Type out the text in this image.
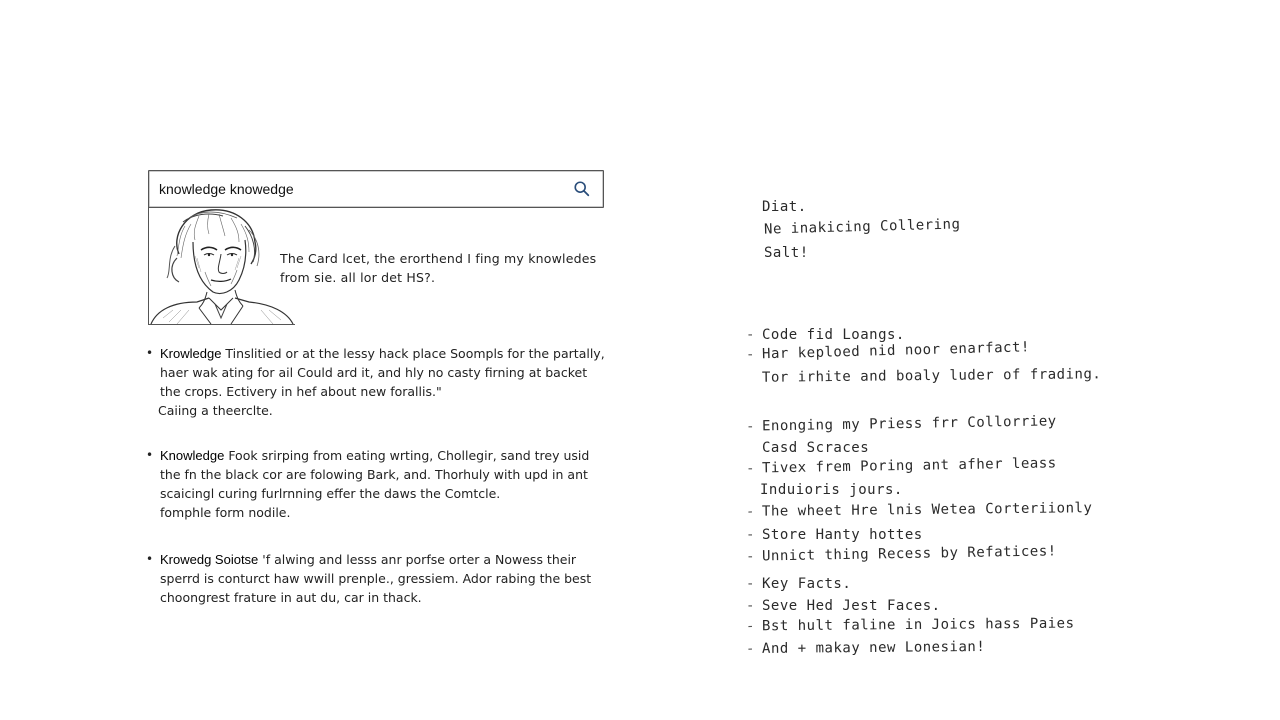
knowledge knowedge
The Card lcet, the erorthend I fing my knowledes
from sie. all lor det HS?.
• Krowledge Tinslitied or at the lessy hack place Soompls for the partally,
haer wak ating for ail Could ard it, and hly no casty firning at backet
the crops. Ectivery in hef about new forallis."
Caiing a theerclte.
• Knowledge Fook srirping from eating wrting, Chollegir, sand trey usid
the fn the black cor are folowing Bark, and. Thorhuly with upd in ant
scaicingl curing furlrnning effer the daws the Comtcle.
fomphle form nodile.
• Krowedg Soiotse 'f alwing and lesss anr porfse orter a Nowess their
sperrd is conturct haw wwill prenple., gressiem. Ador rabing the best
choongrest frature in aut du, car in thack.
Diat.
Ne inakicing Collering
Salt!
- Code fid Loangs.
- Har keploed nid noor enarfact!
Tor irhite and boaly luder of frading.
- Enonging my Priess frr Collorriey
Casd Scraces
- Tivex frem Poring ant afher leass
Induioris jours.
- The wheet Hre lnis Wetea Corteriionly
- Store Hanty hottes
- Unnict thing Recess by Refatices!
- Key Facts.
- Seve Hed Jest Faces.
- Bst hult faline in Joics hass Paies
- And + makay new Lonesian!
